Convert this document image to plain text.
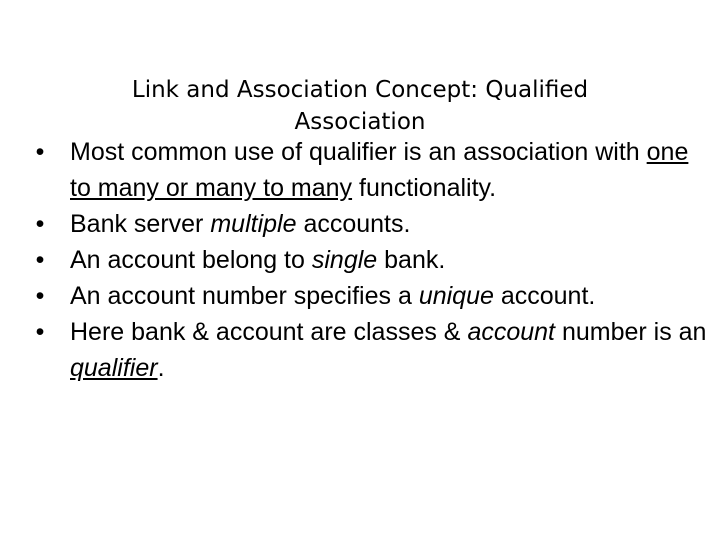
Link and Association Concept: Qualified Association
• Most common use of qualifier is an association with one to many or many to many functionality.
• Bank server multiple accounts.
• An account belong to single bank.
• An account number specifies a unique account.
• Here bank & account are classes & account number is an qualifier.
